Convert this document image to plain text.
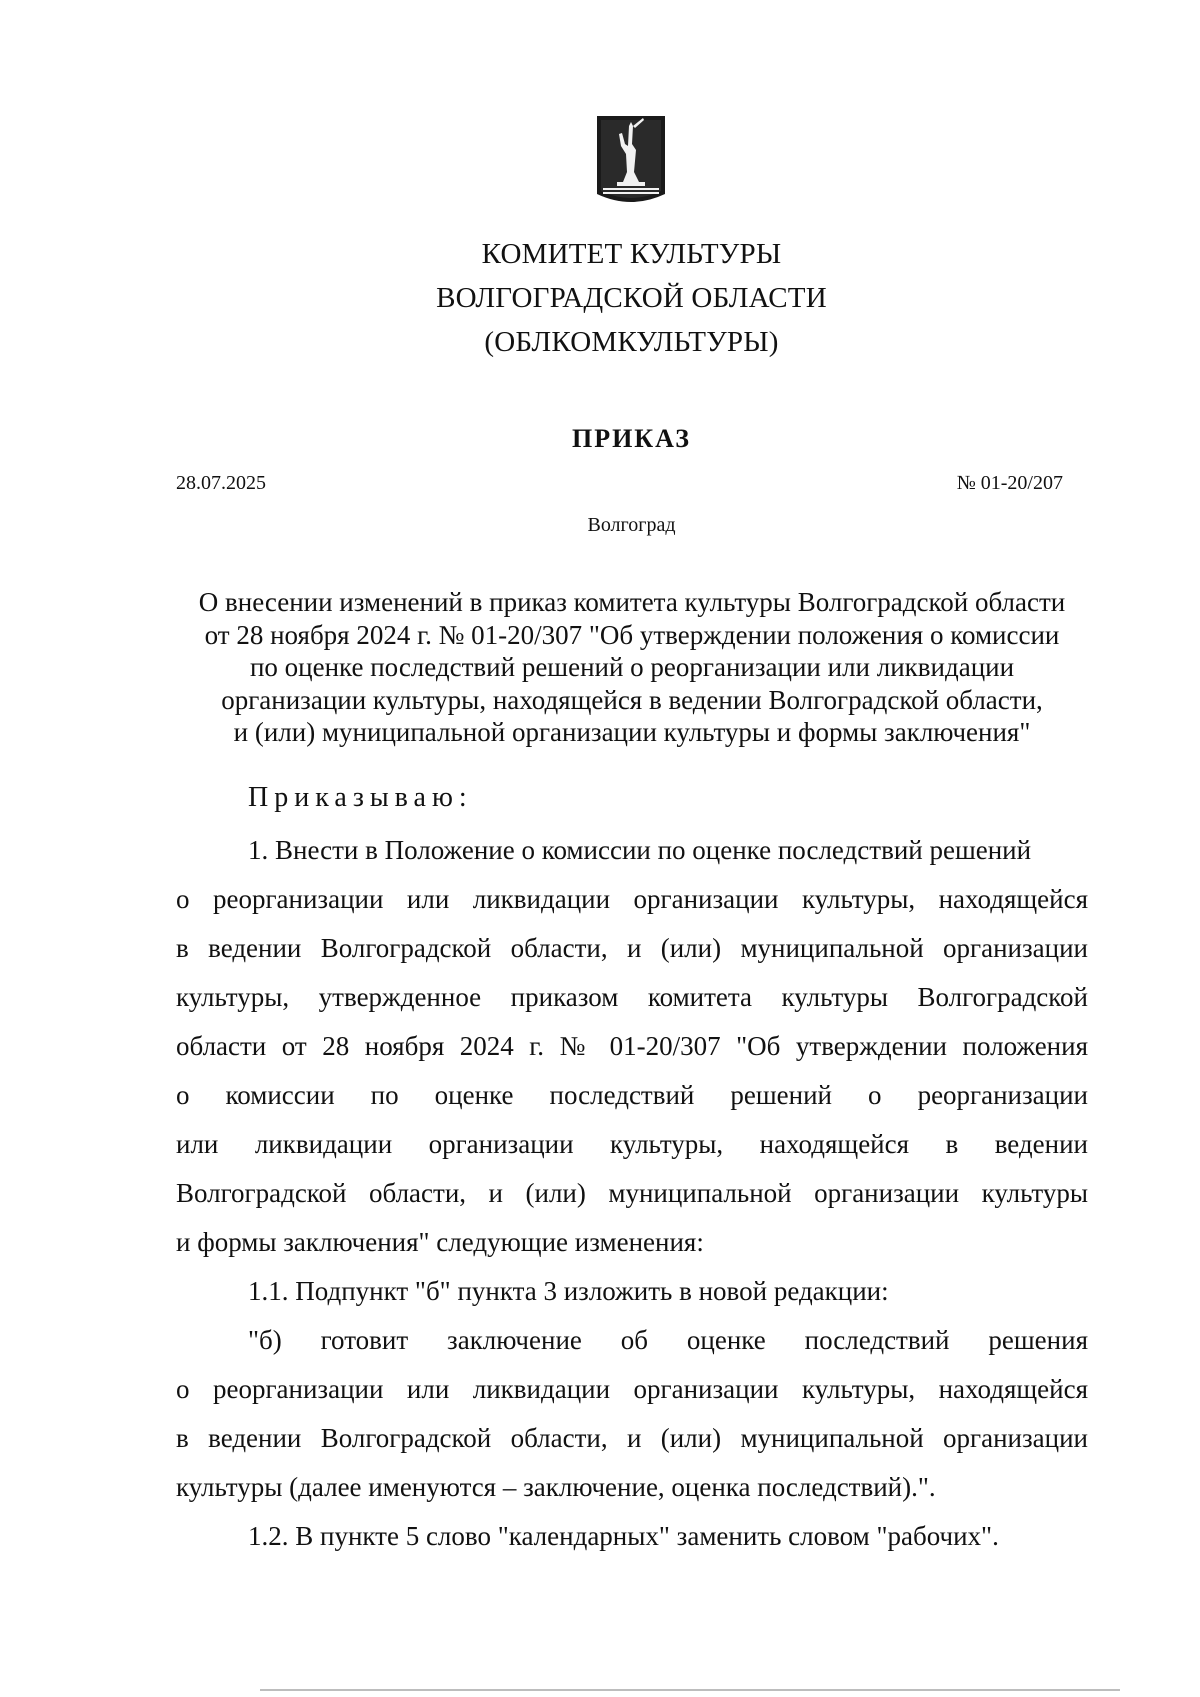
КОМИТЕТ КУЛЬТУРЫ
ВОЛГОГРАДСКОЙ ОБЛАСТИ
(ОБЛКОМКУЛЬТУРЫ)
ПРИКАЗ
28.07.2025	№ 01-20/207
Волгоград
О внесении изменений в приказ комитета культуры Волгоградской области
от 28 ноября 2024 г. № 01-20/307 "Об утверждении положения о комиссии
по оценке последствий решений о реорганизации или ликвидации
организации культуры, находящейся в ведении Волгоградской области,
и (или) муниципальной организации культуры и формы заключения"
Приказываю:
1. Внести в Положение о комиссии по оценке последствий решений
о реорганизации или ликвидации организации культуры, находящейся
в ведении Волгоградской области, и (или) муниципальной организации
культуры, утвержденное приказом комитета культуры Волгоградской
области от 28 ноября 2024 г. № 01-20/307 "Об утверждении положения
о комиссии по оценке последствий решений о реорганизации
или ликвидации организации культуры, находящейся в ведении
Волгоградской области, и (или) муниципальной организации культуры
и формы заключения" следующие изменения:
1.1. Подпункт "б" пункта 3 изложить в новой редакции:
"б) готовит заключение об оценке последствий решения
о реорганизации или ликвидации организации культуры, находящейся
в ведении Волгоградской области, и (или) муниципальной организации
культуры (далее именуются – заключение, оценка последствий).".
1.2. В пункте 5 слово "календарных" заменить словом "рабочих".
